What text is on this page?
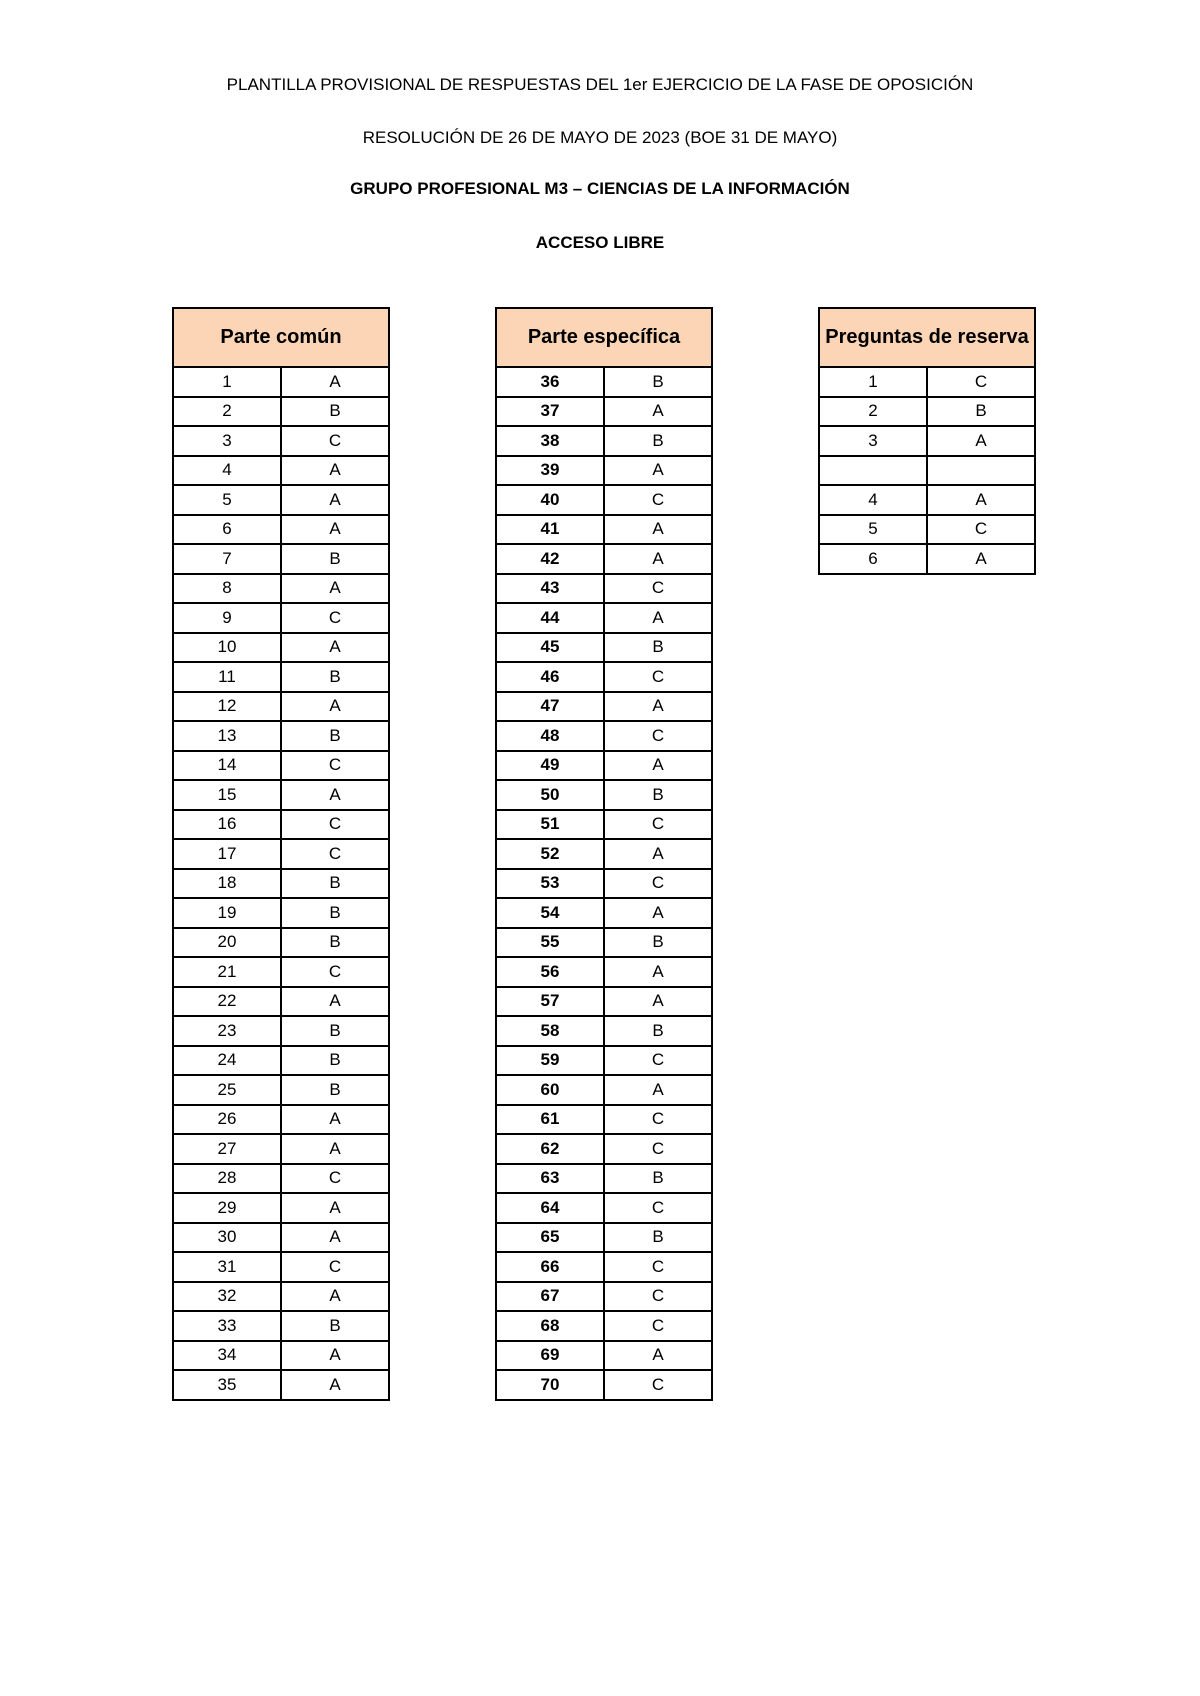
PLANTILLA PROVISIONAL DE RESPUESTAS DEL 1er EJERCICIO DE LA FASE DE OPOSICIÓN
RESOLUCIÓN DE 26 DE MAYO DE 2023 (BOE 31 DE MAYO)
GRUPO PROFESIONAL M3 – CIENCIAS DE LA INFORMACIÓN
ACCESO LIBRE
Parte común	
1	A
2	B
3	C
4	A
5	A
6	A
7	B
8	A
9	C
10	A
11	B
12	A
13	B
14	C
15	A
16	C
17	C
18	B
19	B
20	B
21	C
22	A
23	B
24	B
25	B
26	A
27	A
28	C
29	A
30	A
31	C
32	A
33	B
34	A
35	A
Parte específica	
36	B
37	A
38	B
39	A
40	C
41	A
42	A
43	C
44	A
45	B
46	C
47	A
48	C
49	A
50	B
51	C
52	A
53	C
54	A
55	B
56	A
57	A
58	B
59	C
60	A
61	C
62	C
63	B
64	C
65	B
66	C
67	C
68	C
69	A
70	C
Preguntas de reserva	
1	C
2	B
3	A

4	A
5	C
6	A
